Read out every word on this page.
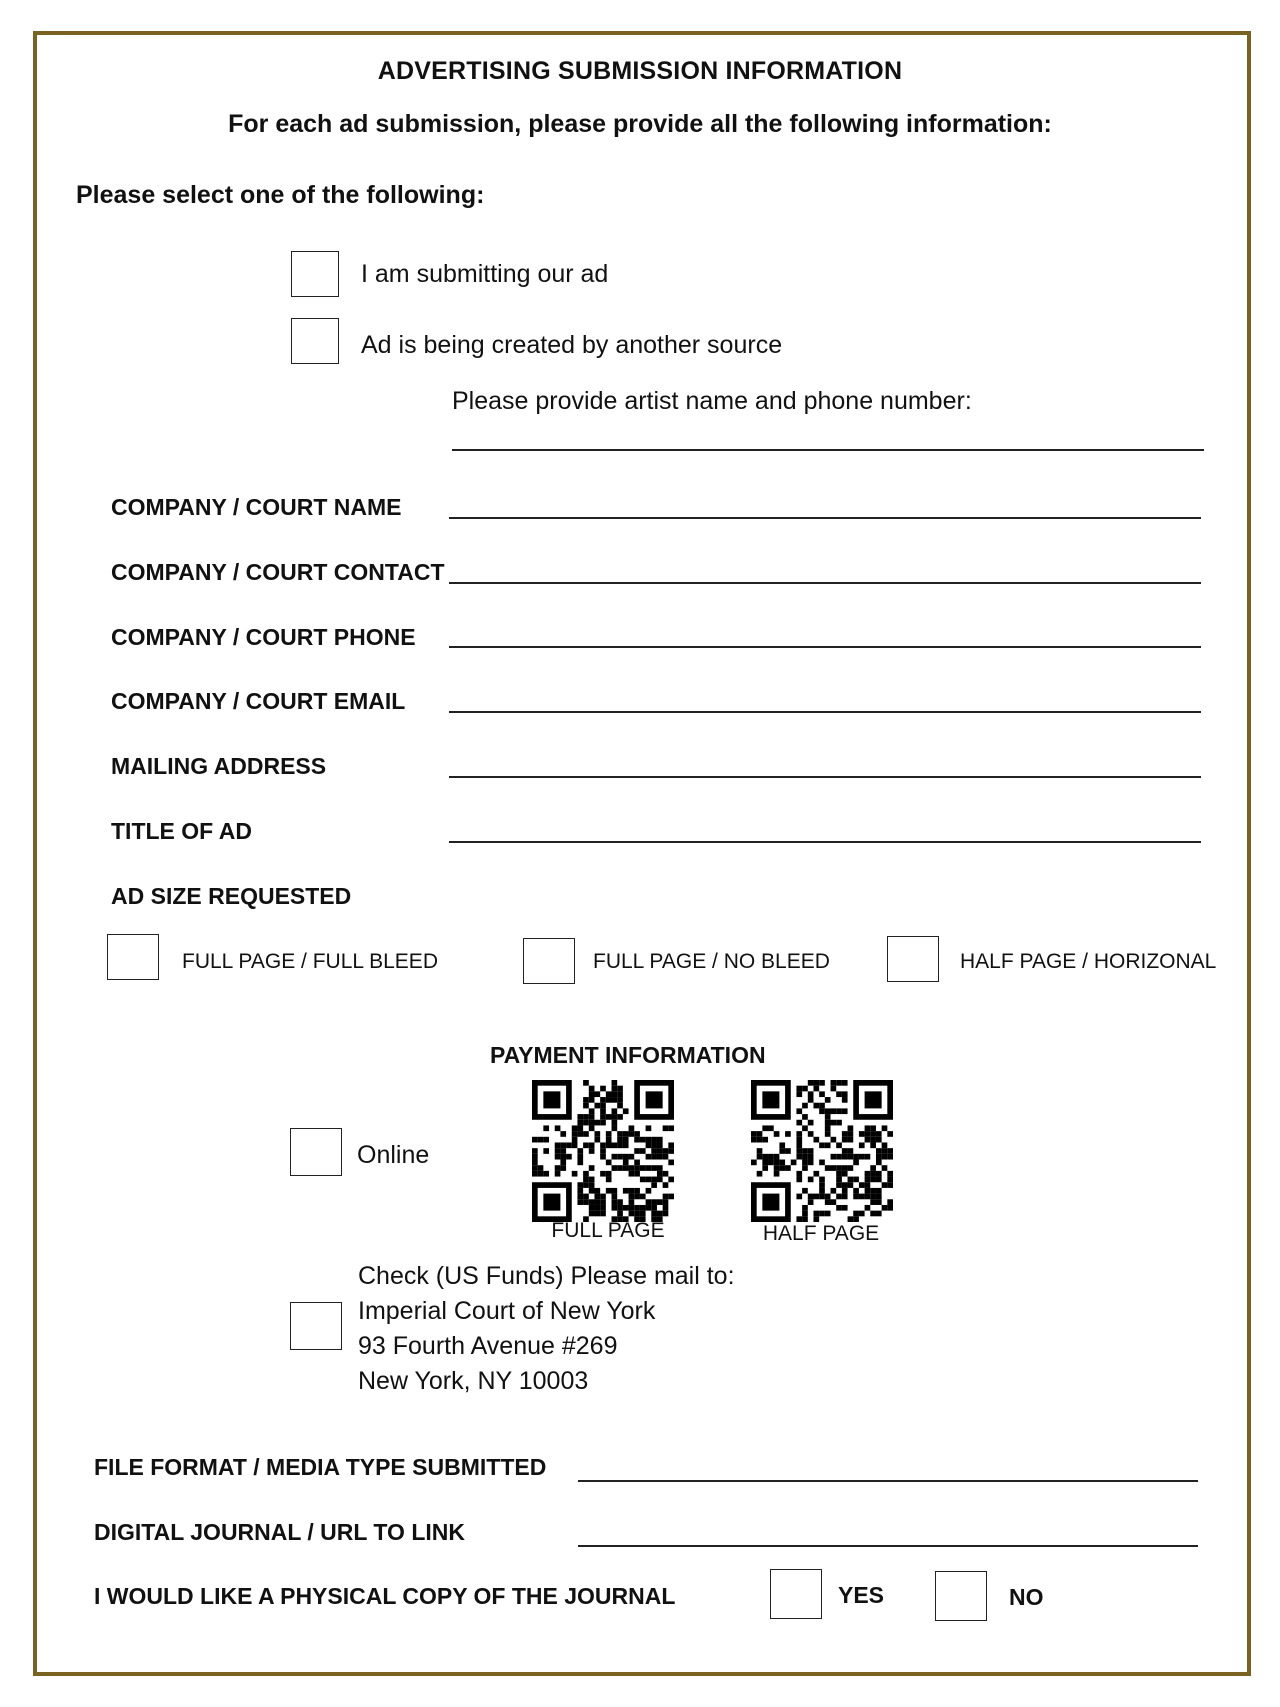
ADVERTISING SUBMISSION INFORMATION
For each ad submission, please provide all the following information:
Please select one of the following:
I am submitting our ad
Ad is being created by another source
Please provide artist name and phone number:
COMPANY / COURT NAME
COMPANY / COURT CONTACT
COMPANY / COURT PHONE
COMPANY / COURT EMAIL
MAILING ADDRESS
TITLE OF AD
AD SIZE REQUESTED
FULL PAGE / FULL BLEED	FULL PAGE / NO BLEED	HALF PAGE / HORIZONAL
PAYMENT INFORMATION
Online
FULL PAGE	HALF PAGE
Check (US Funds) Please mail to:
Imperial Court of New York
93 Fourth Avenue #269
New York, NY 10003
FILE FORMAT / MEDIA TYPE SUBMITTED
DIGITAL JOURNAL / URL TO LINK
I WOULD LIKE A PHYSICAL COPY OF THE JOURNAL	YES	NO
